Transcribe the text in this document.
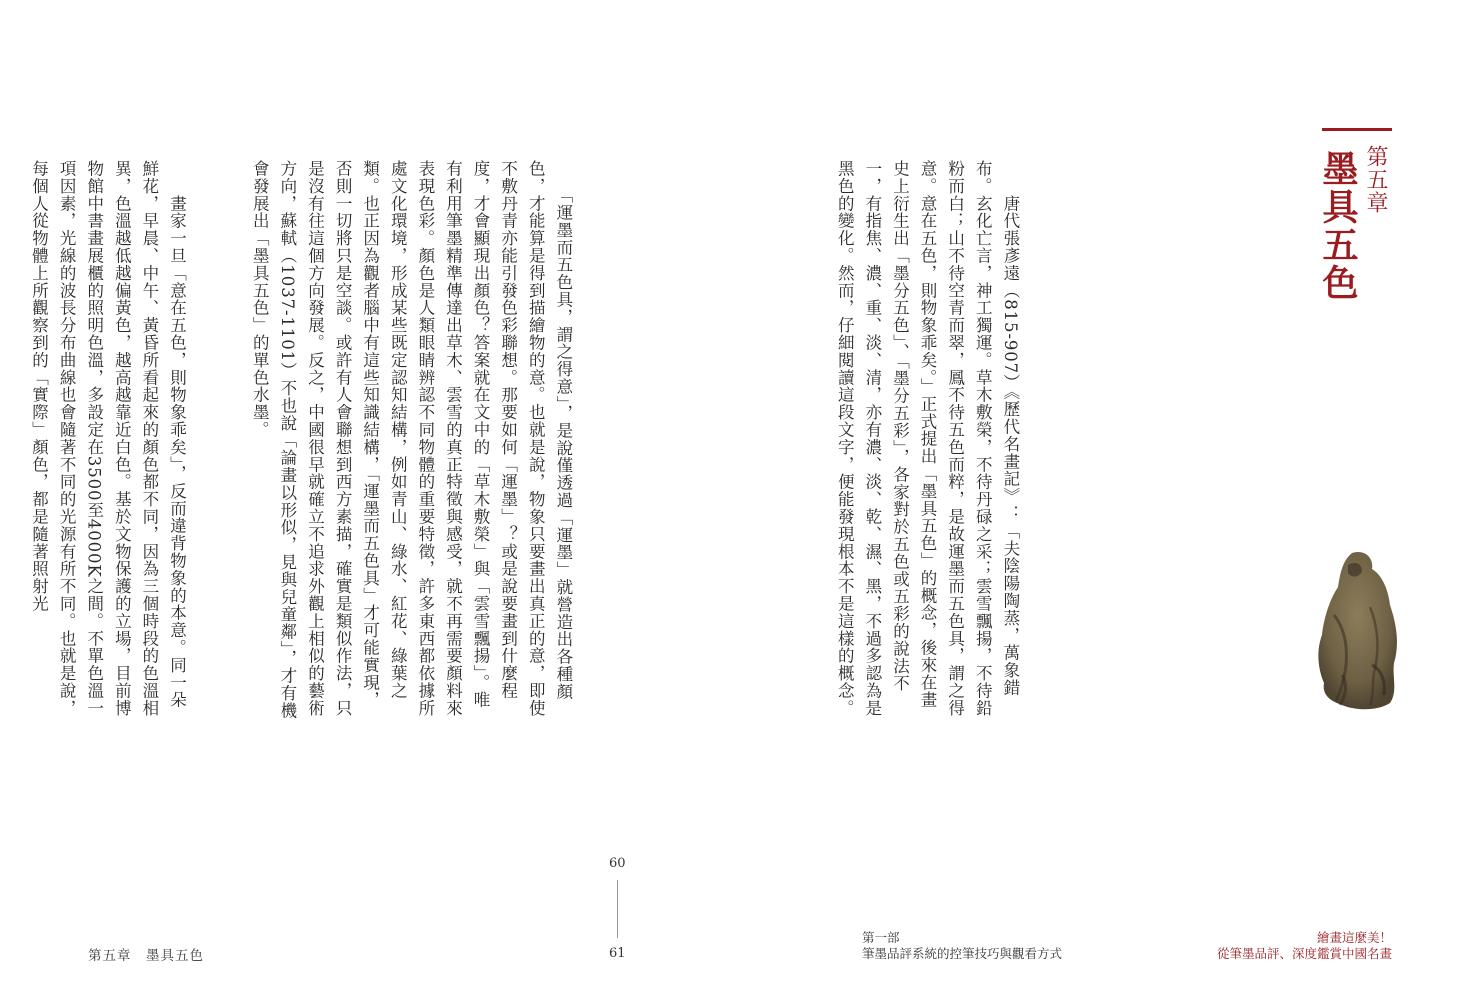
第五章
墨具五色

　　唐代張彥遠（815-907）《歷代名畫記》：「夫陰陽陶蒸，萬象錯布。玄化亡言，神工獨運。草木敷榮，不待丹碌之采；雲雪飄揚，不待鉛粉而白；山不待空青而翠，鳳不待五色而粹，是故運墨而五色具，謂之得意。意在五色，則物象乖矣。」正式提出「墨具五色」的概念，後來在畫史上衍生出「墨分五色」、「墨分五彩」，各家對於五色或五彩的說法不一，有指焦、濃、重、淡、清，亦有濃、淡、乾、濕、黑，不過多認為是黑色的變化。然而，仔細閱讀這段文字，便能發現根本不是這樣的概念。

　　「運墨而五色具，謂之得意」，是說僅透過「運墨」就營造出各種顏色，才能算是得到描繪物的意。也就是說，物象只要畫出真正的意，即使不敷丹青亦能引發色彩聯想。那要如何「運墨」？或是說要畫到什麼程度，才會顯現出顏色？答案就在文中的「草木敷榮」與「雲雪飄揚」。唯有利用筆墨精準傳達出草木、雲雪的真正特徵與感受，就不再需要顏料來表現色彩。顏色是人類眼睛辨認不同物體的重要特徵，許多東西都依據所處文化環境，形成某些既定認知結構，例如青山、綠水、紅花、綠葉之類。也正因為觀者腦中有這些知識結構，「運墨而五色具」才可能實現，否則一切將只是空談。或許有人會聯想到西方素描，確實是類似作法，只是沒有往這個方向發展。反之，中國很早就確立不追求外觀上相似的藝術方向，蘇軾（1037-1101）不也說「論畫以形似，見與兒童鄰」，才有機會發展出「墨具五色」的單色水墨。

　　畫家一旦「意在五色，則物象乖矣」，反而違背物象的本意。同一朵鮮花，早晨、中午、黃昏所看起來的顏色都不同，因為三個時段的色溫相異，色溫越低越偏黃色，越高越靠近白色。基於文物保護的立場，目前博物館中書畫展櫃的照明色溫，多設定在3500至4000K之間。不單色溫一項因素，光線的波長分布曲線也會隨著不同的光源有所不同。也就是說，每個人從物體上所觀察到的「實際」顏色，都是隨著照射光

60
61
第五章　墨具五色
第一部
筆墨品評系統的控筆技巧與觀看方式
繪畫這麼美！
從筆墨品評、深度鑑賞中國名畫
